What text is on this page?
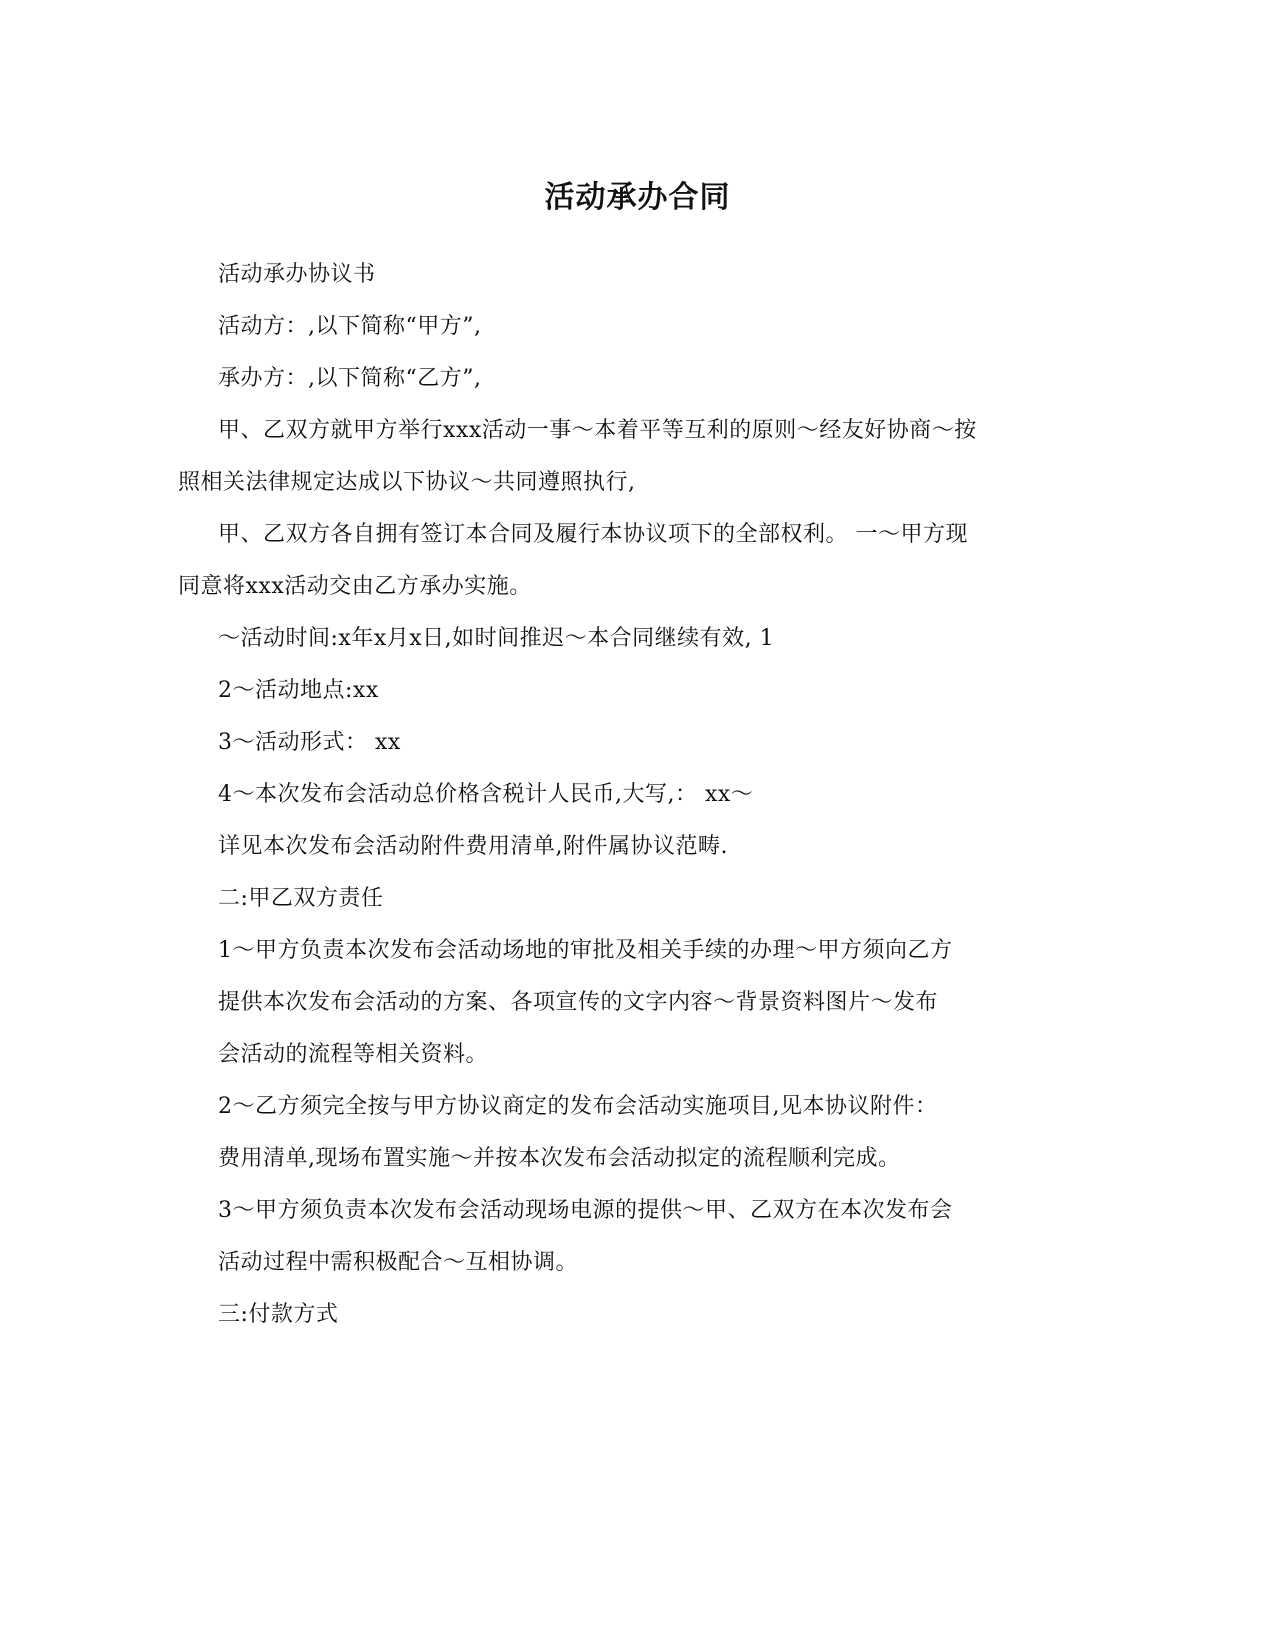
活动承办合同
活动承办协议书
活动方：,以下简称“甲方”,
承办方：,以下简称“乙方”,
甲、乙双方就甲方举行xxx活动一事～本着平等互利的原则～经友好协商～按
照相关法律规定达成以下协议～共同遵照执行,
甲、乙双方各自拥有签订本合同及履行本协议项下的全部权利。 一～甲方现
同意将xxx活动交由乙方承办实施。
～活动时间:x年x月x日,如时间推迟～本合同继续有效, 1
2～活动地点:xx
3～活动形式： xx
4～本次发布会活动总价格含税计人民币,大写,： xx～
详见本次发布会活动附件费用清单,附件属协议范畴.
二:甲乙双方责任
1～甲方负责本次发布会活动场地的审批及相关手续的办理～甲方须向乙方
提供本次发布会活动的方案、各项宣传的文字内容～背景资料图片～发布
会活动的流程等相关资料。
2～乙方须完全按与甲方协议商定的发布会活动实施项目,见本协议附件：
费用清单,现场布置实施～并按本次发布会活动拟定的流程顺利完成。
3～甲方须负责本次发布会活动现场电源的提供～甲、乙双方在本次发布会
活动过程中需积极配合～互相协调。
三:付款方式
